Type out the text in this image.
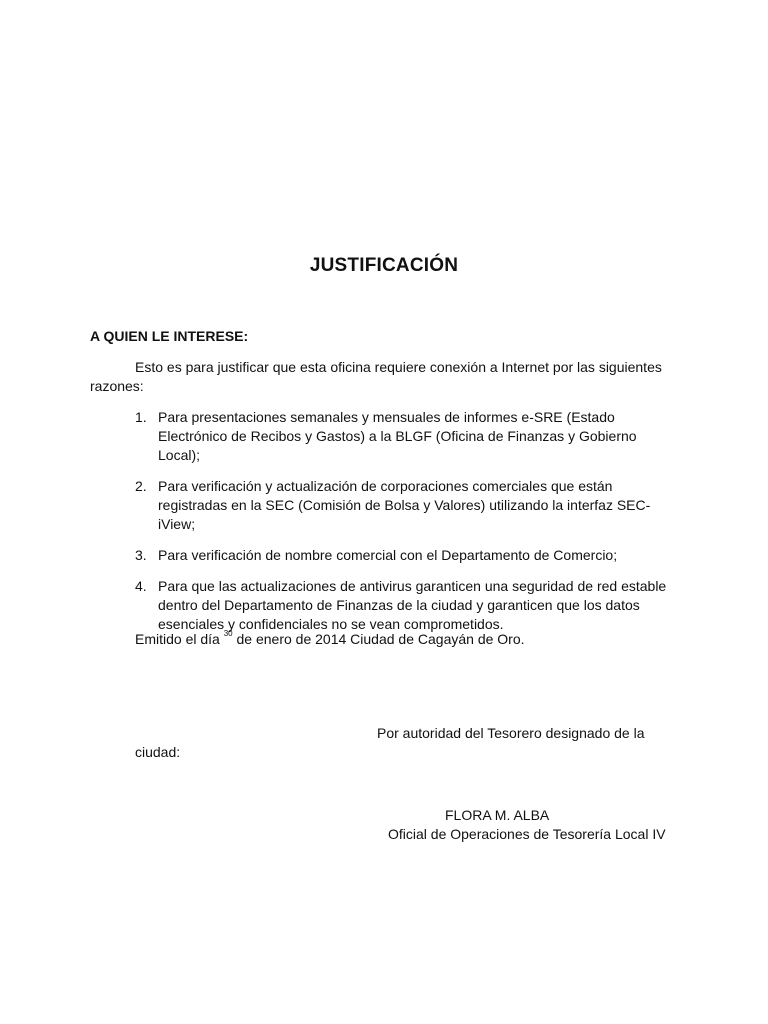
JUSTIFICACIÓN
A QUIEN LE INTERESE:

Esto es para justificar que esta oficina requiere conexión a Internet por las siguientes razones:

1. Para presentaciones semanales y mensuales de informes e-SRE (Estado Electrónico de Recibos y Gastos) a la BLGF (Oficina de Finanzas y Gobierno Local);
2. Para verificación y actualización de corporaciones comerciales que están registradas en la SEC (Comisión de Bolsa y Valores) utilizando la interfaz SEC-iView;
3. Para verificación de nombre comercial con el Departamento de Comercio;
4. Para que las actualizaciones de antivirus garanticen una seguridad de red estable dentro del Departamento de Finanzas de la ciudad y garanticen que los datos esenciales y confidenciales no se vean comprometidos.

Emitido el día $^{30}$ de enero de 2014 Ciudad de Cagayán de Oro.

Por autoridad del Tesorero designado de la
ciudad:
FLORA M. ALBA
Oficial de Operaciones de Tesorería Local IV
